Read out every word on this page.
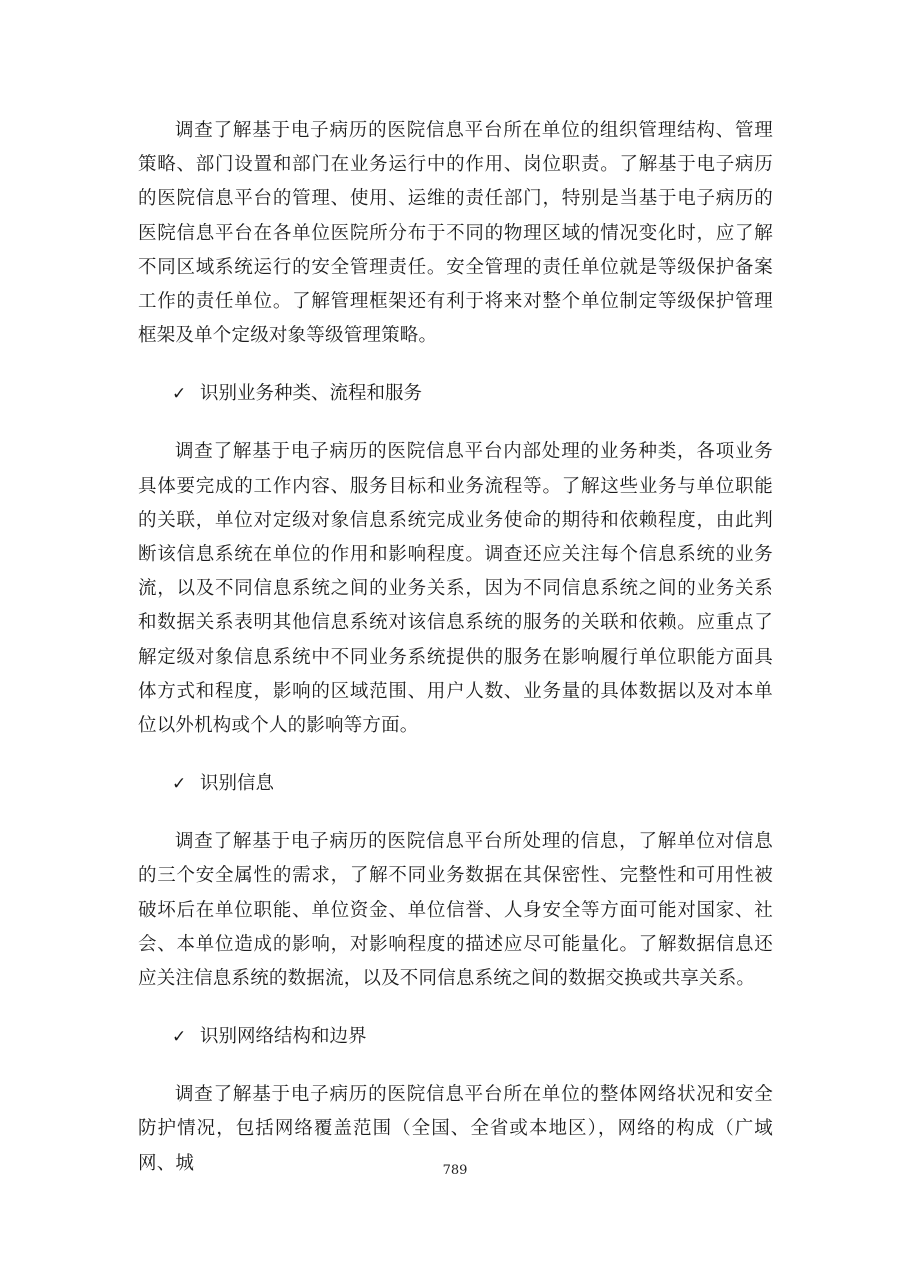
调查了解基于电子病历的医院信息平台所在单位的组织管理结构、管理策略、部门设置和部门在业务运行中的作用、岗位职责。了解基于电子病历的医院信息平台的管理、使用、运维的责任部门，特别是当基于电子病历的医院信息平台在各单位医院所分布于不同的物理区域的情况变化时，应了解不同区域系统运行的安全管理责任。安全管理的责任单位就是等级保护备案工作的责任单位。了解管理框架还有利于将来对整个单位制定等级保护管理框架及单个定级对象等级管理策略。

✓ 识别业务种类、流程和服务

调查了解基于电子病历的医院信息平台内部处理的业务种类，各项业务具体要完成的工作内容、服务目标和业务流程等。了解这些业务与单位职能的关联，单位对定级对象信息系统完成业务使命的期待和依赖程度，由此判断该信息系统在单位的作用和影响程度。调查还应关注每个信息系统的业务流，以及不同信息系统之间的业务关系，因为不同信息系统之间的业务关系和数据关系表明其他信息系统对该信息系统的服务的关联和依赖。应重点了解定级对象信息系统中不同业务系统提供的服务在影响履行单位职能方面具体方式和程度，影响的区域范围、用户人数、业务量的具体数据以及对本单位以外机构或个人的影响等方面。

✓ 识别信息

调查了解基于电子病历的医院信息平台所处理的信息，了解单位对信息的三个安全属性的需求，了解不同业务数据在其保密性、完整性和可用性被破坏后在单位职能、单位资金、单位信誉、人身安全等方面可能对国家、社会、本单位造成的影响，对影响程度的描述应尽可能量化。了解数据信息还应关注信息系统的数据流，以及不同信息系统之间的数据交换或共享关系。

✓ 识别网络结构和边界

调查了解基于电子病历的医院信息平台所在单位的整体网络状况和安全防护情况，包括网络覆盖范围（全国、全省或本地区），网络的构成（广域网、城	789
